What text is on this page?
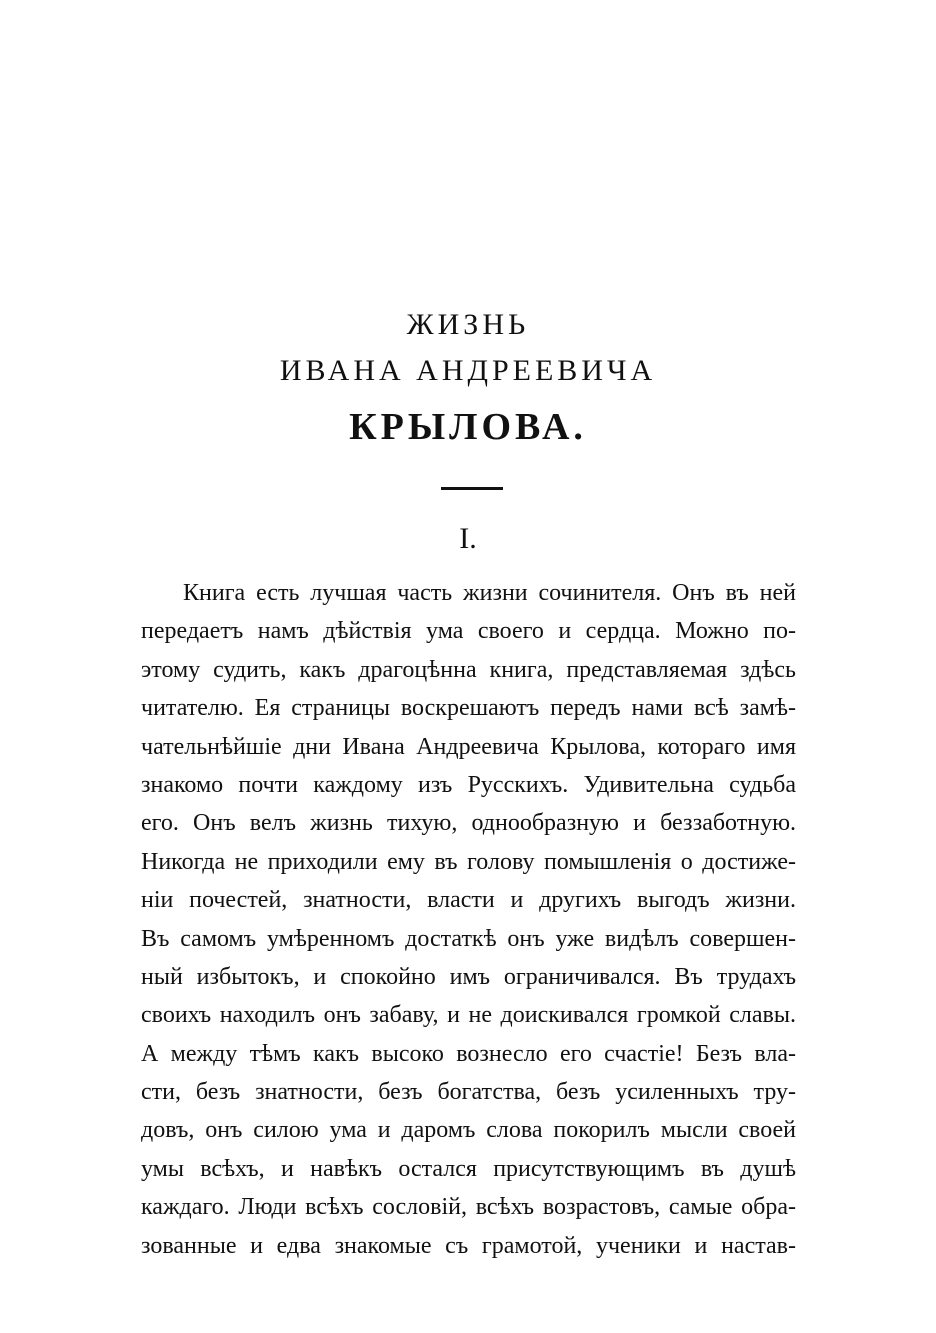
ЖИЗНЬ
ИВАНА АНДРЕЕВИЧА
КРЫЛОВА.
I.
Книга есть лучшая часть жизни сочинителя. Онъ въ ней
передаетъ намъ дѣйствія ума своего и сердца. Можно по-
этому судить, какъ драгоцѣнна книга, представляемая здѣсь
читателю. Ея страницы воскрешаютъ передъ нами всѣ замѣ-
чательнѣйшіе дни Ивана Андреевича Крылова, котораго имя
знакомо почти каждому изъ Русскихъ. Удивительна судьба
его. Онъ велъ жизнь тихую, однообразную и беззаботную.
Никогда не приходили ему въ голову помышленія о достиже-
ніи почестей, знатности, власти и другихъ выгодъ жизни.
Въ самомъ умѣренномъ достаткѣ онъ уже видѣлъ совершен-
ный избытокъ, и спокойно имъ ограничивался. Въ трудахъ
своихъ находилъ онъ забаву, и не доискивался громкой славы.
А между тѣмъ какъ высоко вознесло его счастіе! Безъ вла-
сти, безъ знатности, безъ богатства, безъ усиленныхъ тру-
довъ, онъ силою ума и даромъ слова покорилъ мысли своей
умы всѣхъ, и навѣкъ остался присутствующимъ въ душѣ
каждаго. Люди всѣхъ сословій, всѣхъ возрастовъ, самые обра-
зованные и едва знакомые съ грамотой, ученики и настав-
